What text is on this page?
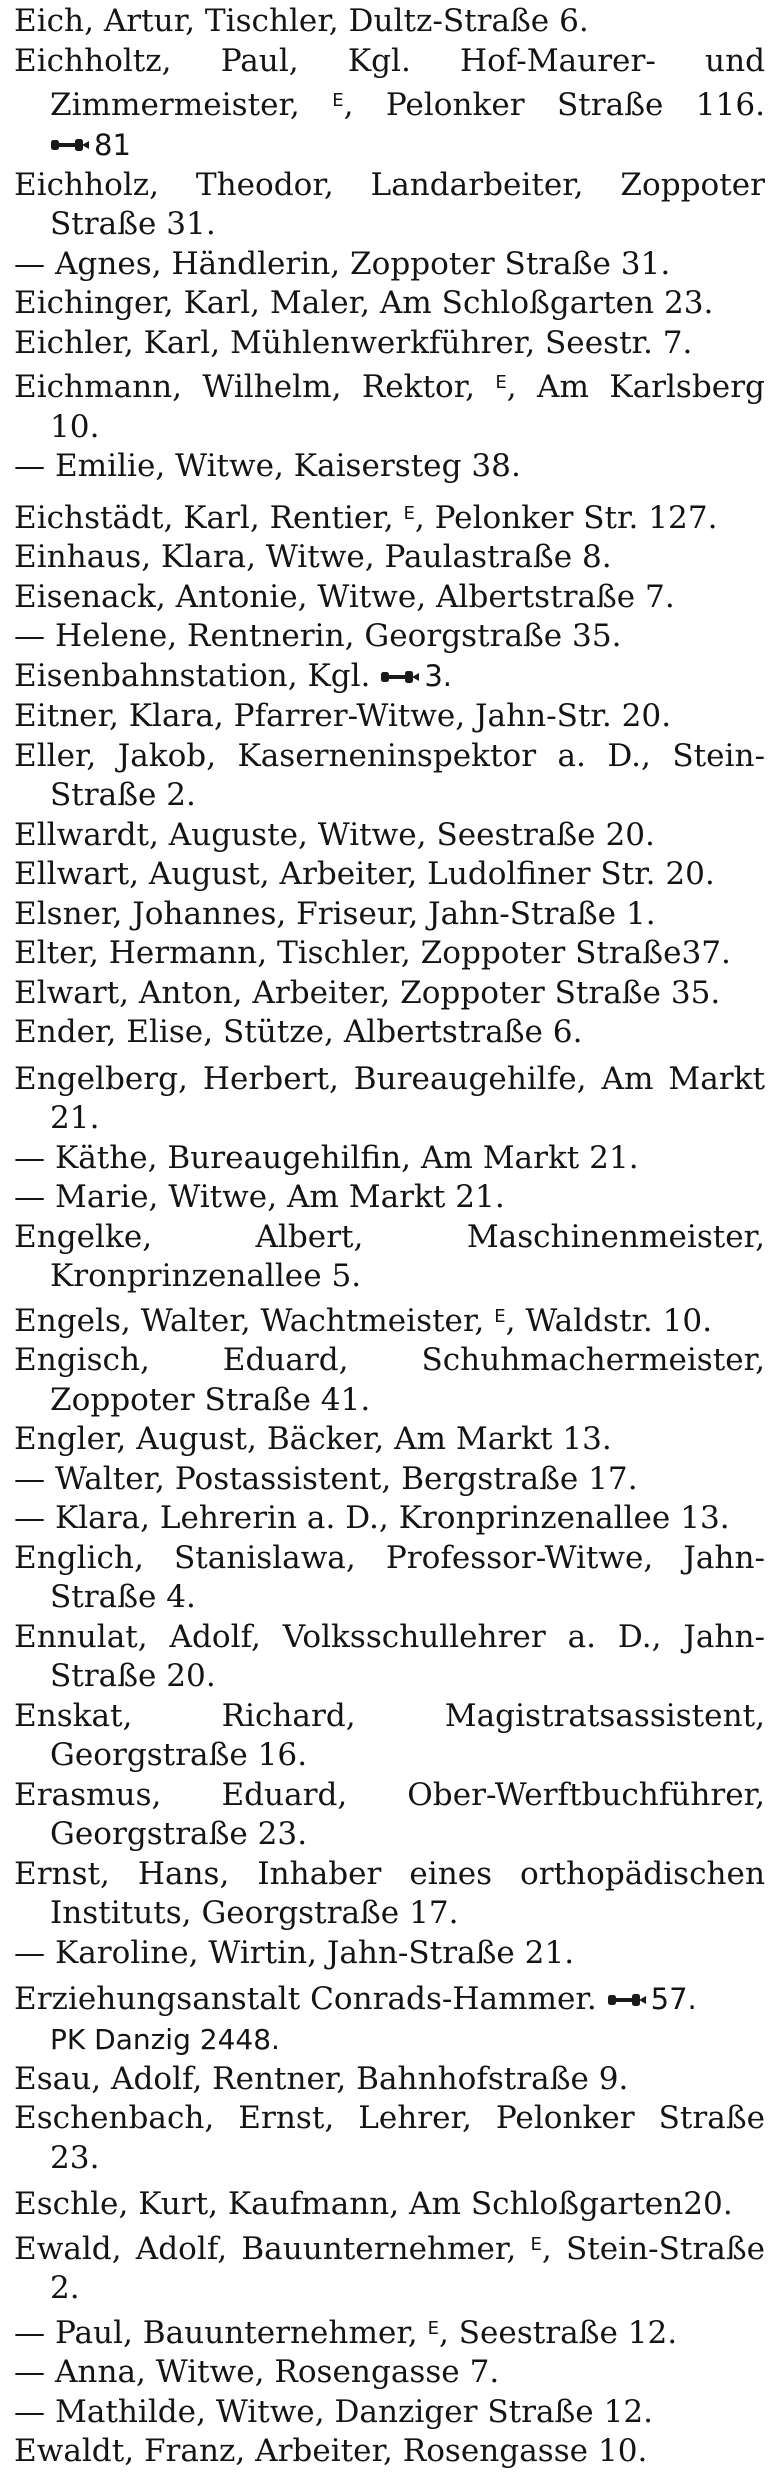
Eich, Artur, Tischler, Dultz-Straße 6.

Eichholtz, Paul, Kgl. Hof-Maurer- und Zimmermeister, $^E$, Pelonker Straße 116. 81

Eichholz, Theodor, Landarbeiter, Zoppoter Straße 31.

— Agnes, Händlerin, Zoppoter Straße 31.

Eichinger, Karl, Maler, Am Schloßgarten 23.

Eichler, Karl, Mühlenwerkführer, Seestr. 7.

Eichmann, Wilhelm, Rektor, $^E$, Am Karlsberg 10.

— Emilie, Witwe, Kaisersteg 38.

Eichstädt, Karl, Rentier, $^E$, Pelonker Str. 127.

Einhaus, Klara, Witwe, Paulastraße 8.

Eisenack, Antonie, Witwe, Albertstraße 7.

— Helene, Rentnerin, Georgstraße 35.

Eisenbahnstation, Kgl. 3.

Eitner, Klara, Pfarrer-Witwe, Jahn-Str. 20.

Eller, Jakob, Kaserneninspektor a. D., Stein-Straße 2.

Ellwardt, Auguste, Witwe, Seestraße 20.

Ellwart, August, Arbeiter, Ludolfiner Str. 20.

Elsner, Johannes, Friseur, Jahn-Straße 1.

Elter, Hermann, Tischler, Zoppoter Straße37.

Elwart, Anton, Arbeiter, Zoppoter Straße 35.

Ender, Elise, Stütze, Albertstraße 6.

Engelberg, Herbert, Bureaugehilfe, Am Markt 21.

— Käthe, Bureaugehilfin, Am Markt 21.

— Marie, Witwe, Am Markt 21.

Engelke, Albert, Maschinenmeister, Kronprinzenallee 5.

Engels, Walter, Wachtmeister, $^E$, Waldstr. 10.

Engisch, Eduard, Schuhmachermeister, Zoppoter Straße 41.

Engler, August, Bäcker, Am Markt 13.

— Walter, Postassistent, Bergstraße 17.

— Klara, Lehrerin a. D., Kronprinzenallee 13.

Englich, Stanislawa, Professor-Witwe, Jahn-Straße 4.

Ennulat, Adolf, Volksschullehrer a. D., Jahn-Straße 20.

Enskat, Richard, Magistratsassistent, Georgstraße 16.

Erasmus, Eduard, Ober-Werftbuchführer, Georgstraße 23.

Ernst, Hans, Inhaber eines orthopädischen Instituts, Georgstraße 17.

— Karoline, Wirtin, Jahn-Straße 21.

Erziehungsanstalt Conrads-Hammer. 57.
PK Danzig 2448.

Esau, Adolf, Rentner, Bahnhofstraße 9.

Eschenbach, Ernst, Lehrer, Pelonker Straße 23.

Eschle, Kurt, Kaufmann, Am Schloßgarten20.

Ewald, Adolf, Bauunternehmer, $^E$, Stein-Straße 2.

— Paul, Bauunternehmer, $^E$, Seestraße 12.

— Anna, Witwe, Rosengasse 7.

— Mathilde, Witwe, Danziger Straße 12.

Ewaldt, Franz, Arbeiter, Rosengasse 10.
